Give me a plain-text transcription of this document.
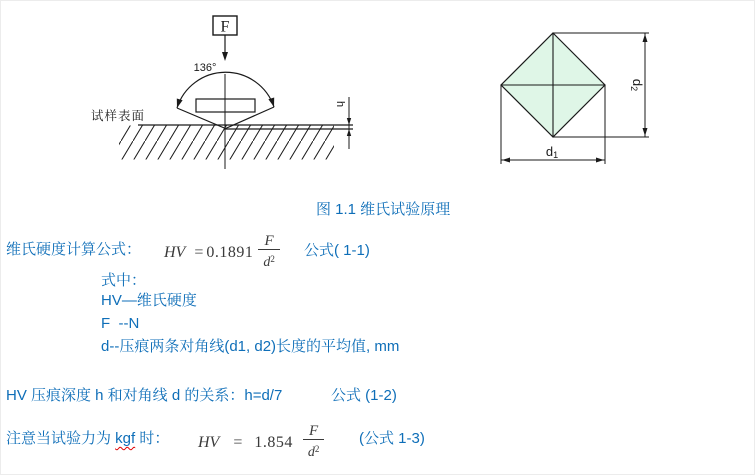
F
136°
试样表面
h
d1
d2
图 1.1 维氏试验原理
维氏硬度计算公式： HV = $0.1891 \frac{F}{d^2}$ 公式( 1-1)
式中：
HV—维氏硬度
F  --N
d--压痕两条对角线(d1, d2)长度的平均值, mm
HV 压痕深度 h 和对角线 d 的关系：h=d/7	公式 (1-2)
注意当试验力为 kgf 时： HV = $1.854 \frac{F}{d^2}$ (公式 1-3)
